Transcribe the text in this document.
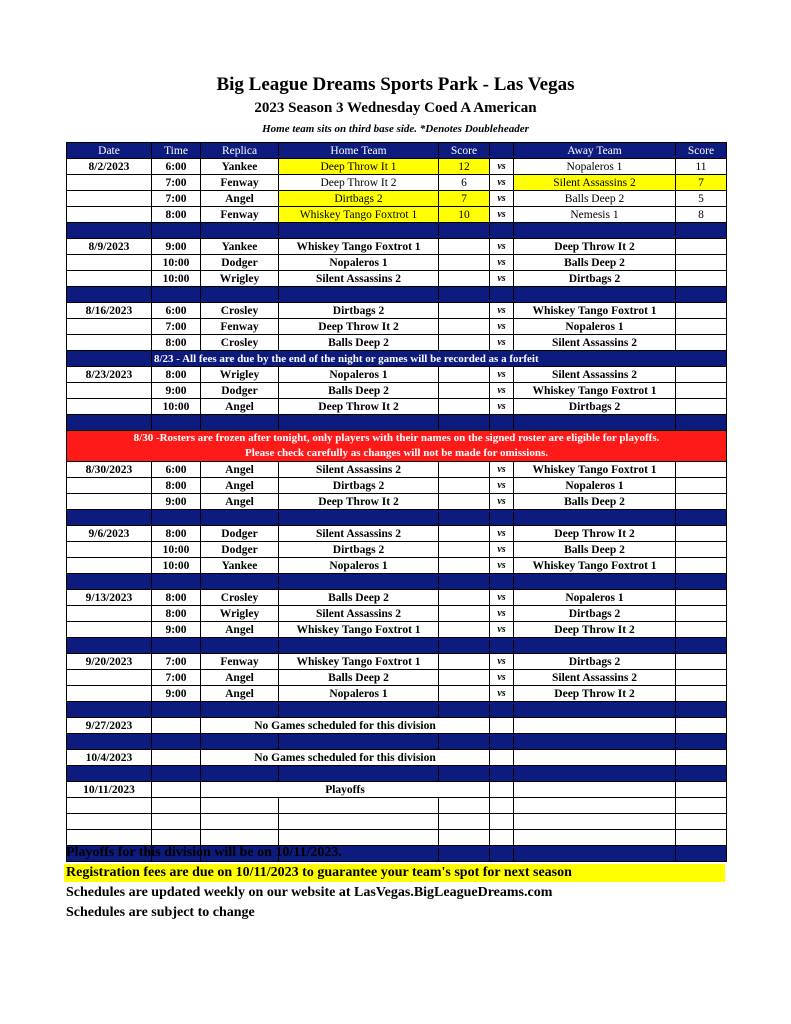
Big League Dreams Sports Park - Las Vegas
2023 Season 3 Wednesday Coed A American
Home team sits on third base side. *Denotes Doubleheader
Date	Time	Replica	Home Team	Score		Away Team	Score
8/2/2023	6:00	Yankee	Deep Throw It 1	12	vs	Nopaleros 1	11
	7:00	Fenway	Deep Throw It 2	6	vs	Silent Assassins 2	7
	7:00	Angel	Dirtbags 2	7	vs	Balls Deep 2	5
	8:00	Fenway	Whiskey Tango Foxtrot 1	10	vs	Nemesis 1	8

8/9/2023	9:00	Yankee	Whiskey Tango Foxtrot 1		vs	Deep Throw It 2	
	10:00	Dodger	Nopaleros 1		vs	Balls Deep 2	
	10:00	Wrigley	Silent Assassins 2		vs	Dirtbags 2	

8/16/2023	6:00	Crosley	Dirtbags 2		vs	Whiskey Tango Foxtrot 1	
	7:00	Fenway	Deep Throw It 2		vs	Nopaleros 1	
	8:00	Crosley	Balls Deep 2		vs	Silent Assassins 2	
	8/23 - All fees are due by the end of the night or games will be recorded as a forfeit						
8/23/2023	8:00	Wrigley	Nopaleros 1		vs	Silent Assassins 2	
	9:00	Dodger	Balls Deep 2		vs	Whiskey Tango Foxtrot 1	
	10:00	Angel	Deep Throw It 2		vs	Dirtbags 2	

8/30 -Rosters are frozen after tonight, only players with their names on the signed roster are eligible for playoffs.
Please check carefully as changes will not be made for omissions.							

8/30/2023	6:00	Angel	Silent Assassins 2		vs	Whiskey Tango Foxtrot 1	
	8:00	Angel	Dirtbags 2		vs	Nopaleros 1	
	9:00	Angel	Deep Throw It 2		vs	Balls Deep 2	

9/6/2023	8:00	Dodger	Silent Assassins 2		vs	Deep Throw It 2	
	10:00	Dodger	Dirtbags 2		vs	Balls Deep 2	
	10:00	Yankee	Nopaleros 1		vs	Whiskey Tango Foxtrot 1	

9/13/2023	8:00	Crosley	Balls Deep 2		vs	Nopaleros 1	
	8:00	Wrigley	Silent Assassins 2		vs	Dirtbags 2	
	9:00	Angel	Whiskey Tango Foxtrot 1		vs	Deep Throw It 2	

9/20/2023	7:00	Fenway	Whiskey Tango Foxtrot 1		vs	Dirtbags 2	
	7:00	Angel	Balls Deep 2		vs	Silent Assassins 2	
	9:00	Angel	Nopaleros 1		vs	Deep Throw It 2	

9/27/2023		No Games scheduled for this division					

10/4/2023		No Games scheduled for this division					

10/11/2023		Playoffs					

Playoffs for this division will be on 10/11/2023.
Registration fees are due on 10/11/2023 to guarantee your team's spot for next season
Schedules are updated weekly on our website at LasVegas.BigLeagueDreams.com
Schedules are subject to change
